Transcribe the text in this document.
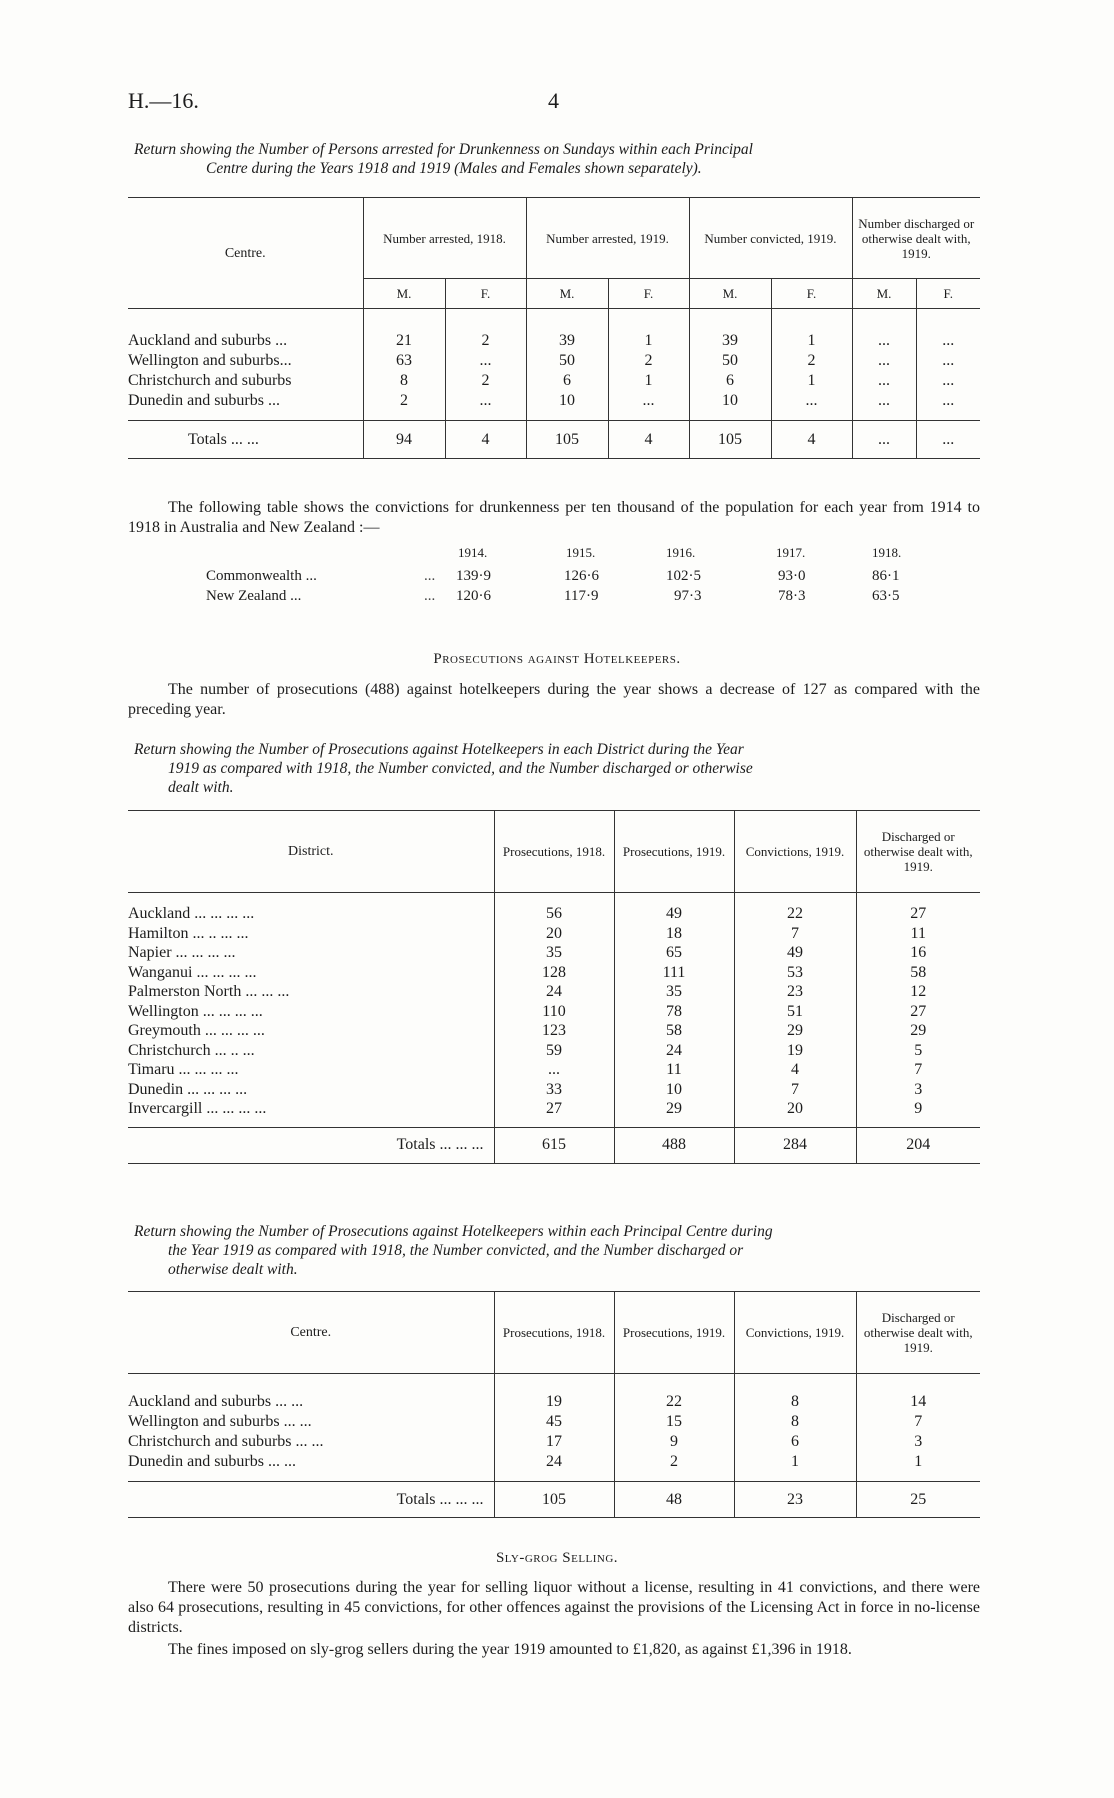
H.—16.	4
Return showing the Number of Persons arrested for Drunkenness on Sundays within each Principal
Centre during the Years 1918 and 1919 (Males and Females shown separately).
Centre.	Number arrested, 1918.		Number arrested, 1919.		Number convicted, 1919.		Number discharged or otherwise dealt with, 1919.	
	M.	F.	M.	F.	M.	F.	M.	F.

Auckland and suburbs ...	21	2	39	1	39	1	...	...
Wellington and suburbs...	63	...	50	2	50	2	...	...
Christchurch and suburbs	8	2	6	1	6	1	...	...
Dunedin and suburbs ...	2	...	10	...	10	...	...	...

Totals ... ...	94	4	105	4	105	4	...	...
The following table shows the convictions for drunkenness per ten thousand of the population for each year from 1914 to 1918 in Australia and New Zealand :—
1914.	1915.	1916.	1917.	1918.
Commonwealth ...	... 139·9	126·6	102·5	93·0	86·1
New Zealand ...	... 120·6	117·9	97·3	78·3	63·5
Prosecutions against Hotelkeepers.
The number of prosecutions (488) against hotelkeepers during the year shows a decrease of 127 as compared with the preceding year.
Return showing the Number of Prosecutions against Hotelkeepers in each District during the Year
1919 as compared with 1918, the Number convicted, and the Number discharged or otherwise
dealt with.
District.	Prosecutions, 1918.	Prosecutions, 1919.	Convictions, 1919.	Discharged or otherwise dealt with, 1919.

Auckland ... ... ... ...	56	49	22	27
Hamilton ... .. ... ...	20	18	7	11
Napier ... ... ... ...	35	65	49	16
Wanganui ... ... ... ...	128	111	53	58
Palmerston North ... ... ...	24	35	23	12
Wellington ... ... ... ...	110	78	51	27
Greymouth ... ... ... ...	123	58	29	29
Christchurch ... .. ...	59	24	19	5
Timaru ... ... ... ...	...	11	4	7
Dunedin ... ... ... ...	33	10	7	3
Invercargill ... ... ... ...	27	29	20	9

Totals ... ... ...	615	488	284	204
Return showing the Number of Prosecutions against Hotelkeepers within each Principal Centre during
the Year 1919 as compared with 1918, the Number convicted, and the Number discharged or
otherwise dealt with.
Centre.	Prosecutions, 1918.	Prosecutions, 1919.	Convictions, 1919.	Discharged or otherwise dealt with, 1919.

Auckland and suburbs ... ...	19	22	8	14
Wellington and suburbs ... ...	45	15	8	7
Christchurch and suburbs ... ...	17	9	6	3
Dunedin and suburbs ... ...	24	2	1	1

Totals ... ... ...	105	48	23	25
Sly-grog Selling.
There were 50 prosecutions during the year for selling liquor without a license, resulting in 41 convictions, and there were also 64 prosecutions, resulting in 45 convictions, for other offences against the provisions of the Licensing Act in force in no-license districts.
The fines imposed on sly-grog sellers during the year 1919 amounted to £1,820, as against £1,396 in 1918.
